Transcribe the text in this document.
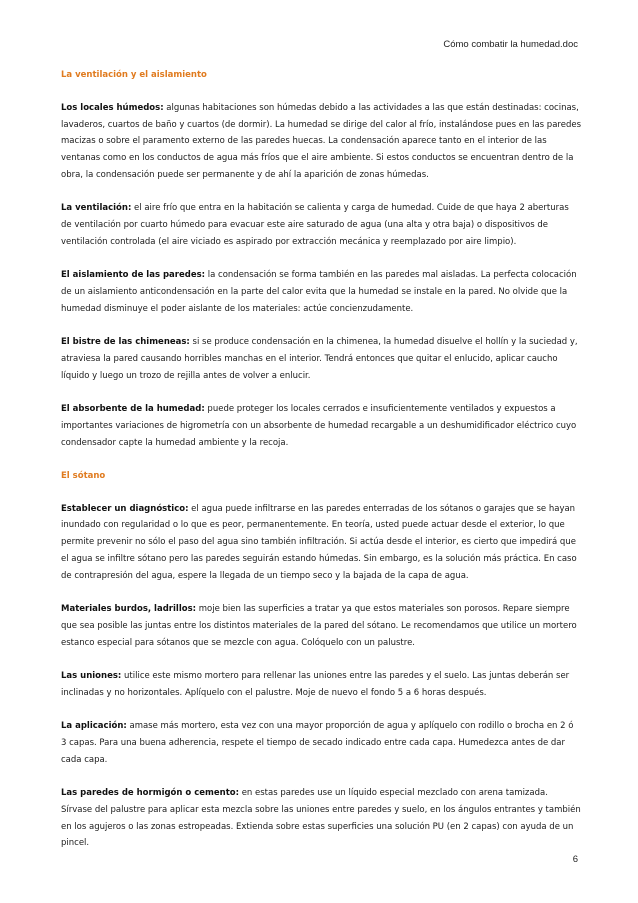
Cómo combatir la humedad.doc
La ventilación y el aislamiento

Los locales húmedos: algunas habitaciones son húmedas debido a las actividades a las que están destinadas: cocinas, lavaderos, cuartos de baño y cuartos (de dormir). La humedad se dirige del calor al frío, instalándose pues en las paredes macizas o sobre el paramento externo de las paredes huecas. La condensación aparece tanto en el interior de las ventanas como en los conductos de agua más fríos que el aire ambiente. Si estos conductos se encuentran dentro de la obra, la condensación puede ser permanente y de ahí la aparición de zonas húmedas.

La ventilación: el aire frío que entra en la habitación se calienta y carga de humedad. Cuide de que haya 2 aberturas de ventilación por cuarto húmedo para evacuar este aire saturado de agua (una alta y otra baja) o dispositivos de ventilación controlada (el aire viciado es aspirado por extracción mecánica y reemplazado por aire limpio).

El aislamiento de las paredes: la condensación se forma también en las paredes mal aisladas. La perfecta colocación de un aislamiento anticondensación en la parte del calor evita que la humedad se instale en la pared. No olvide que la humedad disminuye el poder aislante de los materiales: actúe concienzudamente.

El bistre de las chimeneas: si se produce condensación en la chimenea, la humedad disuelve el hollín y la suciedad y, atraviesa la pared causando horribles manchas en el interior. Tendrá entonces que quitar el enlucido, aplicar caucho líquido y luego un trozo de rejilla antes de volver a enlucir.

El absorbente de la humedad: puede proteger los locales cerrados e insuficientemente ventilados y expuestos a importantes variaciones de higrometría con un absorbente de humedad recargable a un deshumidificador eléctrico cuyo condensador capte la humedad ambiente y la recoja.

El sótano

Establecer un diagnóstico: el agua puede infiltrarse en las paredes enterradas de los sótanos o garajes que se hayan inundado con regularidad o lo que es peor, permanentemente. En teoría, usted puede actuar desde el exterior, lo que permite prevenir no sólo el paso del agua sino también infiltración. Si actúa desde el interior, es cierto que impedirá que el agua se infiltre sótano pero las paredes seguirán estando húmedas. Sin embargo, es la solución más práctica. En caso de contrapresión del agua, espere la llegada de un tiempo seco y la bajada de la capa de agua.

Materiales burdos, ladrillos: moje bien las superficies a tratar ya que estos materiales son porosos. Repare siempre que sea posible las juntas entre los distintos materiales de la pared del sótano. Le recomendamos que utilice un mortero estanco especial para sótanos que se mezcle con agua. Colóquelo con un palustre.

Las uniones: utilice este mismo mortero para rellenar las uniones entre las paredes y el suelo. Las juntas deberán ser inclinadas y no horizontales. Aplíquelo con el palustre. Moje de nuevo el fondo 5 a 6 horas después.

La aplicación: amase más mortero, esta vez con una mayor proporción de agua y aplíquelo con rodillo o brocha en 2 ó 3 capas. Para una buena adherencia, respete el tiempo de secado indicado entre cada capa. Humedezca antes de dar cada capa.

Las paredes de hormigón o cemento: en estas paredes use un líquido especial mezclado con arena tamizada. Sírvase del palustre para aplicar esta mezcla sobre las uniones entre paredes y suelo, en los ángulos entrantes y también en los agujeros o las zonas estropeadas. Extienda sobre estas superficies una solución PU (en 2 capas) con ayuda de un pincel.

6
